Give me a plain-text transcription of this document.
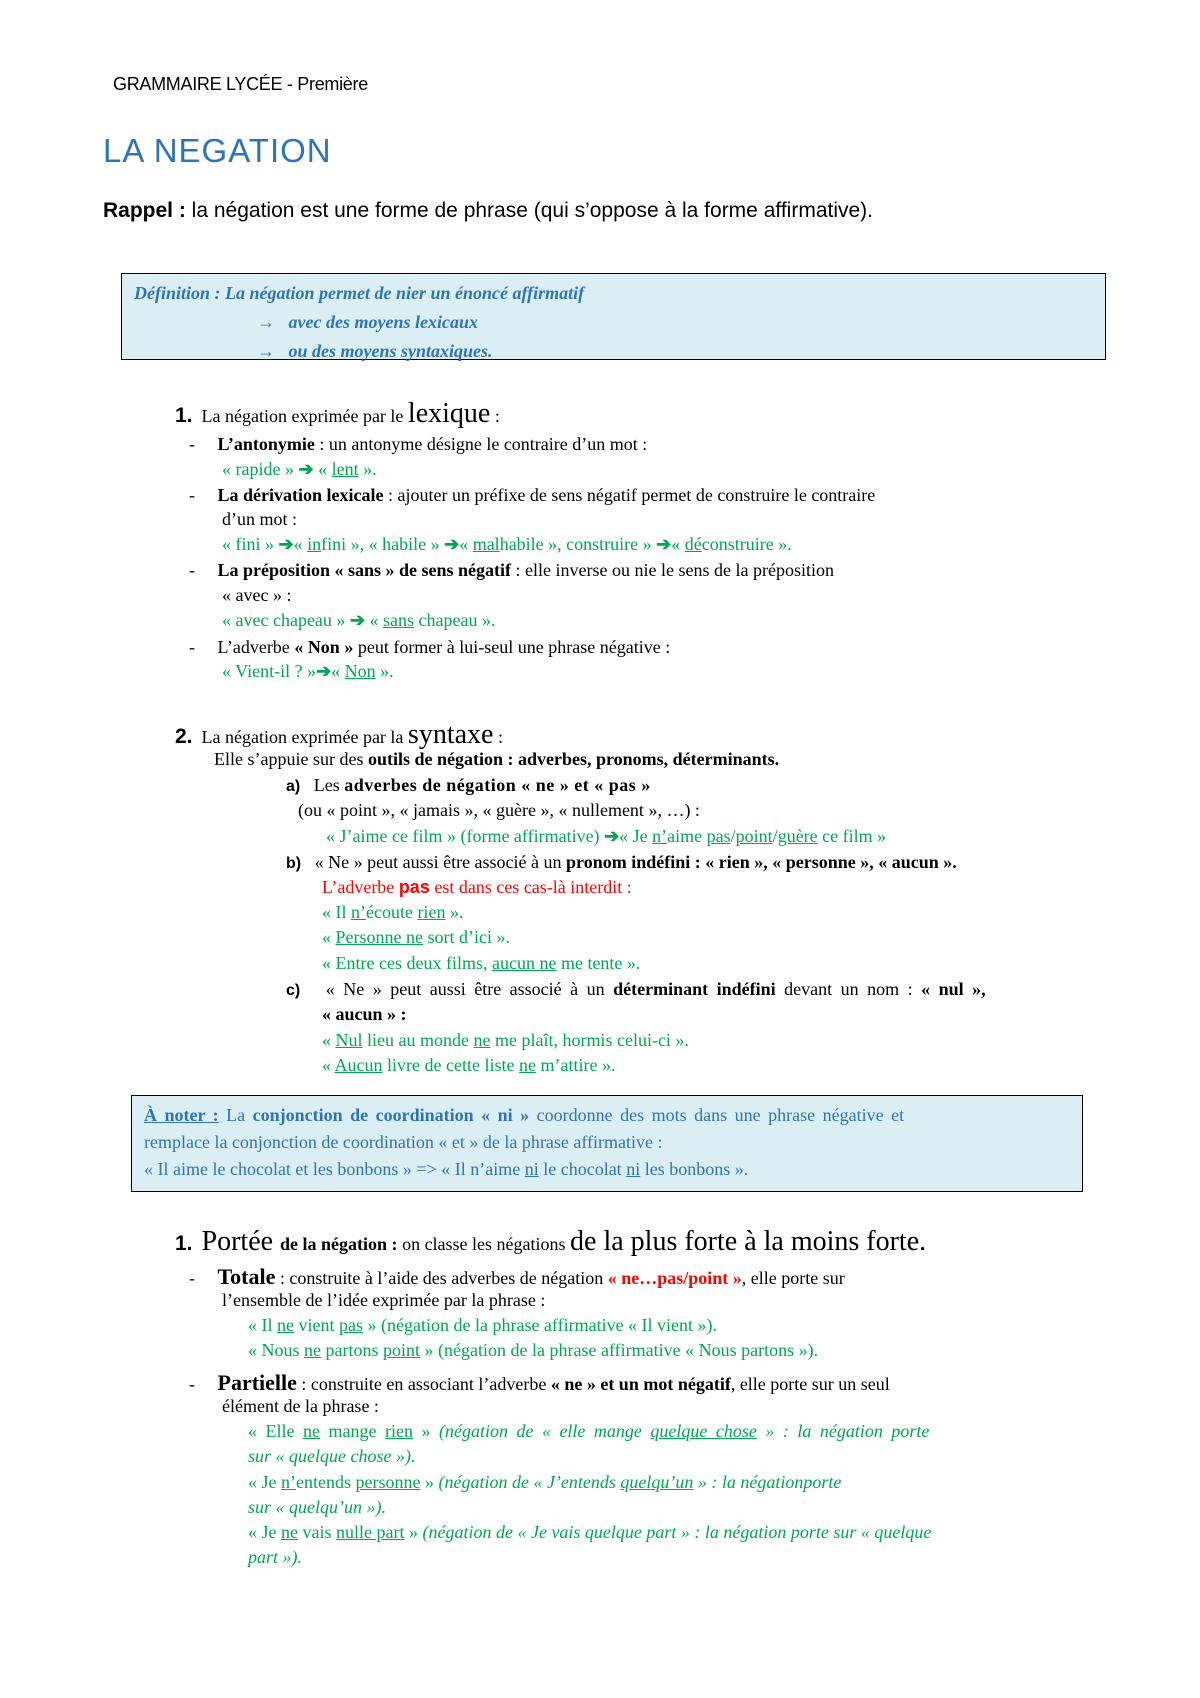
GRAMMAIRE LYCÉE - Première
LA NEGATION
Rappel : la négation est une forme de phrase (qui s’oppose à la forme affirmative).
Définition : La négation permet de nier un énoncé affirmatif
→ avec des moyens lexicaux
→ ou des moyens syntaxiques.
1. La négation exprimée par le lexique :
- L’antonymie : un antonyme désigne le contraire d’un mot :
« rapide » ➔ « lent ».
- La dérivation lexicale : ajouter un préfixe de sens négatif permet de construire le contraire
d’un mot :
« fini » ➔« infini », « habile » ➔« malhabile », construire » ➔« déconstruire ».
- La préposition « sans » de sens négatif : elle inverse ou nie le sens de la préposition
« avec » :
« avec chapeau » ➔ « sans chapeau ».
- L’adverbe « Non » peut former à lui-seul une phrase négative :
« Vient-il ? »➔« Non ».
2. La négation exprimée par la syntaxe :
Elle s’appuie sur des outils de négation : adverbes, pronoms, déterminants.
a) Les adverbes de négation « ne » et « pas »
(ou « point », « jamais », « guère », « nullement », …) :
« J’aime ce film » (forme affirmative) ➔« Je n’aime pas/point/guère ce film »
b) « Ne » peut aussi être associé à un pronom indéfini : « rien », « personne », « aucun ».
L’adverbe pas est dans ces cas-là interdit :
« Il n’écoute rien ».
« Personne ne sort d’ici ».
« Entre ces deux films, aucun ne me tente ».
c) « Ne » peut aussi être associé à un déterminant indéfini devant un nom : « nul »,
« aucun » :
« Nul lieu au monde ne me plaît, hormis celui-ci ».
« Aucun livre de cette liste ne m’attire ».
À noter : La conjonction de coordination « ni » coordonne des mots dans une phrase négative et
remplace la conjonction de coordination « et » de la phrase affirmative :
« Il aime le chocolat et les bonbons » => « Il n’aime ni le chocolat ni les bonbons ».
1. Portée de la négation : on classe les négations de la plus forte à la moins forte.
- Totale : construite à l’aide des adverbes de négation « ne…pas/point », elle porte sur
l’ensemble de l’idée exprimée par la phrase :
« Il ne vient pas » (négation de la phrase affirmative « Il vient »).
« Nous ne partons point » (négation de la phrase affirmative « Nous partons »).
- Partielle : construite en associant l’adverbe « ne » et un mot négatif, elle porte sur un seul
élément de la phrase :
« Elle ne mange rien » (négation de « elle mange quelque chose » : la négation porte
sur « quelque chose »).
« Je n’entends personne » (négation de « J’entends quelqu’un » : la négationporte
sur « quelqu’un »).
« Je ne vais nulle part » (négation de « Je vais quelque part » : la négation porte sur « quelque
part »).
